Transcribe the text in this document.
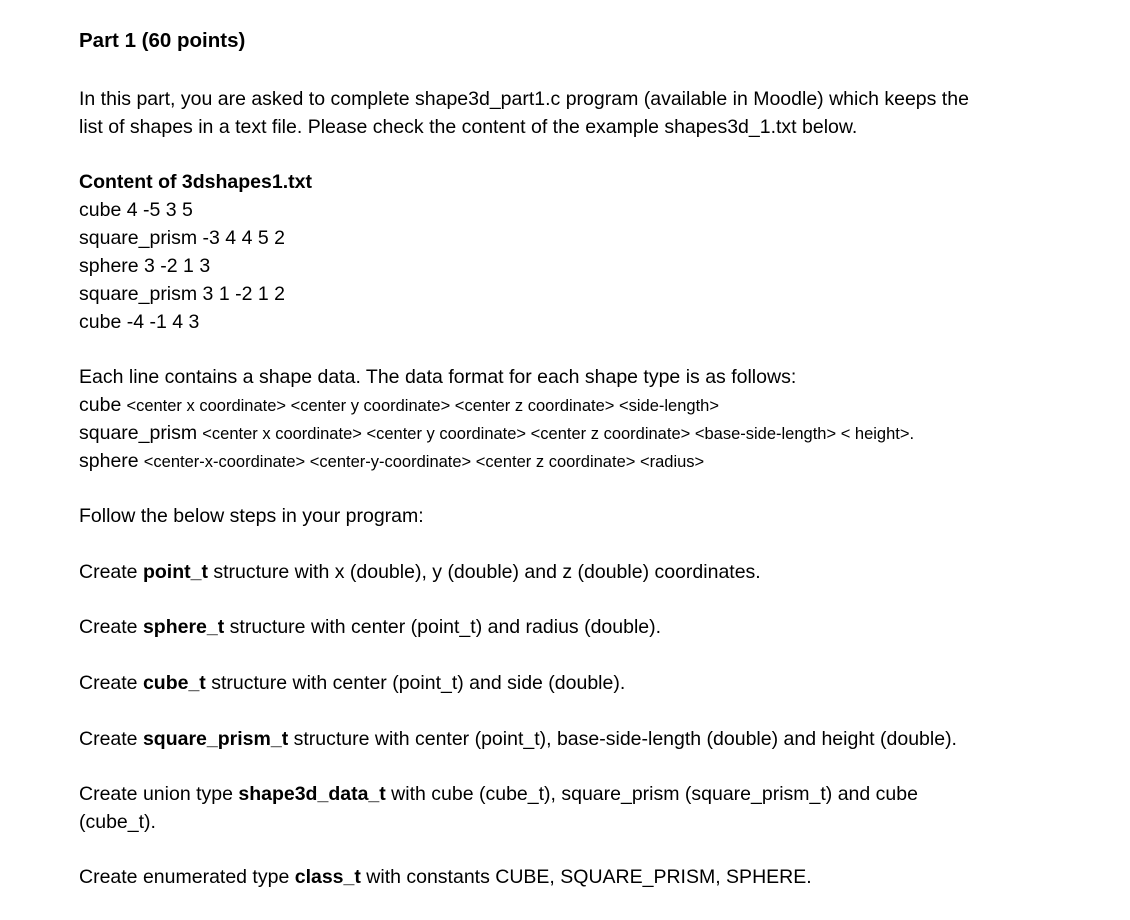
Part 1 (60 points)
In this part, you are asked to complete shape3d_part1.c program (available in Moodle) which keeps the
list of shapes in a text file. Please check the content of the example shapes3d_1.txt below.
Content of 3dshapes1.txt
cube 4 -5 3 5
square_prism -3 4 4 5 2
sphere 3 -2 1 3
square_prism 3 1 -2 1 2
cube -4 -1 4 3
Each line contains a shape data. The data format for each shape type is as follows:
cube <center x coordinate> <center y coordinate> <center z coordinate> <side-length>
square_prism <center x coordinate> <center y coordinate> <center z coordinate> <base-side-length> < height>.
sphere <center-x-coordinate> <center-y-coordinate> <center z coordinate> <radius>
Follow the below steps in your program:
Create point_t structure with x (double), y (double) and z (double) coordinates.
Create sphere_t structure with center (point_t) and radius (double).
Create cube_t structure with center (point_t) and side (double).
Create square_prism_t structure with center (point_t), base-side-length (double) and height (double).
Create union type shape3d_data_t with cube (cube_t), square_prism (square_prism_t) and cube
(cube_t).
Create enumerated type class_t with constants CUBE, SQUARE_PRISM, SPHERE.
